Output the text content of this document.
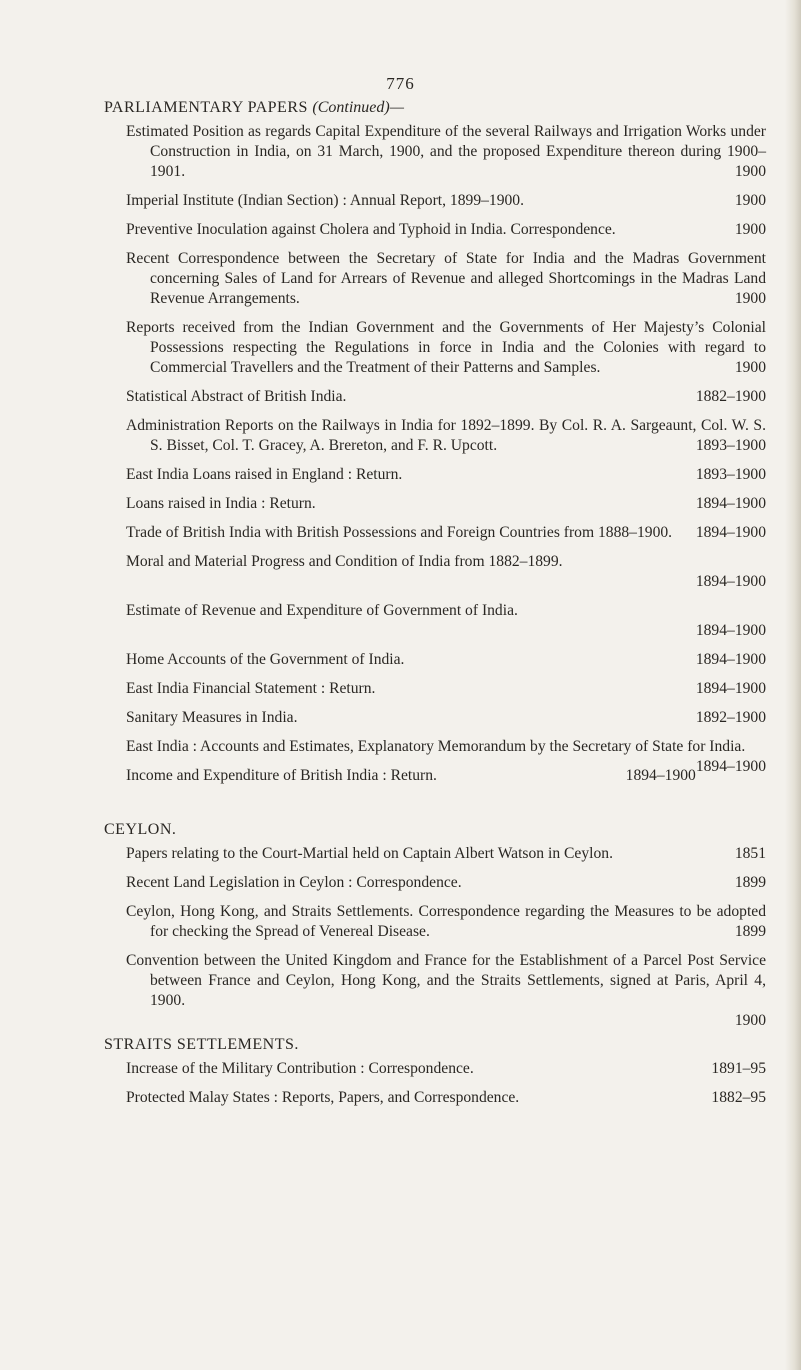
776
PARLIAMENTARY PAPERS (Continued)—
Estimated Position as regards Capital Expenditure of the several Railways and Irrigation Works under Construction in India, on 31 March, 1900, and the proposed Expenditure thereon during 1900–1901.	1900
Imperial Institute (Indian Section) : Annual Report, 1899–1900.	1900
Preventive Inoculation against Cholera and Typhoid in India. Correspondence.	1900
Recent Correspondence between the Secretary of State for India and the Madras Government concerning Sales of Land for Arrears of Revenue and alleged Shortcomings in the Madras Land Revenue Arrangements.	1900
Reports received from the Indian Government and the Governments of Her Majesty’s Colonial Possessions respecting the Regulations in force in India and the Colonies with regard to Commercial Travellers and the Treatment of their Patterns and Samples.	1900
Statistical Abstract of British India.	1882–1900
Administration Reports on the Railways in India for 1892–1899. By Col. R. A. Sargeaunt, Col. W. S. S. Bisset, Col. T. Gracey, A. Brereton, and F. R. Upcott.	1893–1900
East India Loans raised in England : Return.	1893–1900
Loans raised in India : Return.	1894–1900
Trade of British India with British Possessions and Foreign Countries from 1888–1900. 1894–1900
Moral and Material Progress and Condition of India from 1882–1899.
1894–1900
Estimate of Revenue and Expenditure of Government of India.
1894–1900
Home Accounts of the Government of India.	1894–1900
East India Financial Statement : Return.	1894–1900
Sanitary Measures in India.	1892–1900
East India : Accounts and Estimates, Explanatory Memorandum by the Secretary of State for India.
1894–1900
Income and Expenditure of British India : Return.	1894–1900
CEYLON.
Papers relating to the Court-Martial held on Captain Albert Watson in Ceylon.	1851
Recent Land Legislation in Ceylon : Correspondence.	1899
Ceylon, Hong Kong, and Straits Settlements. Correspondence regarding the Measures to be adopted for checking the Spread of Venereal Disease.	1899
Convention between the United Kingdom and France for the Establishment of a Parcel Post Service between France and Ceylon, Hong Kong, and the Straits Settlements, signed at Paris, April 4, 1900.
1900
STRAITS SETTLEMENTS.
Increase of the Military Contribution : Correspondence.	1891–95
Protected Malay States : Reports, Papers, and Correspondence.	1882–95
